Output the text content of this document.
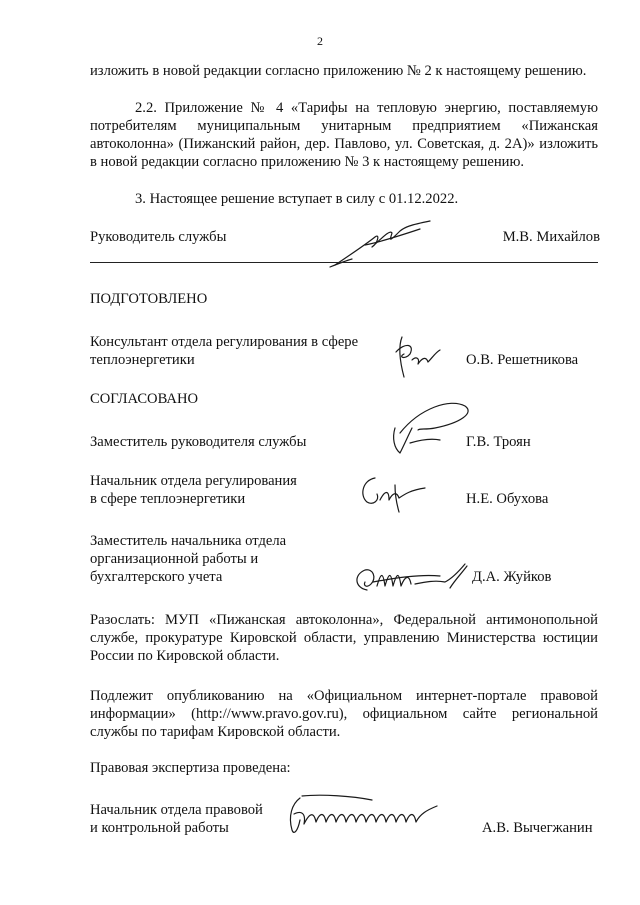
2
изложить в новой редакции согласно приложению № 2 к настоящему решению.
2.2. Приложение № 4 «Тарифы на тепловую энергию, поставляемую потребителям муниципальным унитарным предприятием «Пижанская автоколонна» (Пижанский район, дер. Павлово, ул. Советская, д. 2А)» изложить в новой редакции согласно приложению № 3 к настоящему решению.
3. Настоящее решение вступает в силу с 01.12.2022.
Руководитель службы	М.В. Михайлов
ПОДГОТОВЛЕНО
Консультант отдела регулирования в сфере
теплоэнергетики	О.В. Решетникова
СОГЛАСОВАНО
Заместитель руководителя службы	Г.В. Троян
Начальник отдела регулирования
в сфере теплоэнергетики	Н.Е. Обухова
Заместитель начальника отдела
организационной работы и
бухгалтерского учета	Д.А. Жуйков
Разослать: МУП «Пижанская автоколонна», Федеральной антимонопольной службе, прокуратуре Кировской области, управлению Министерства юстиции России по Кировской области.
Подлежит опубликованию на «Официальном интернет-портале правовой информации» (http://www.pravo.gov.ru), официальном сайте региональной службы по тарифам Кировской области.
Правовая экспертиза проведена:
Начальник отдела правовой
и контрольной работы	А.В. Вычегжанин
